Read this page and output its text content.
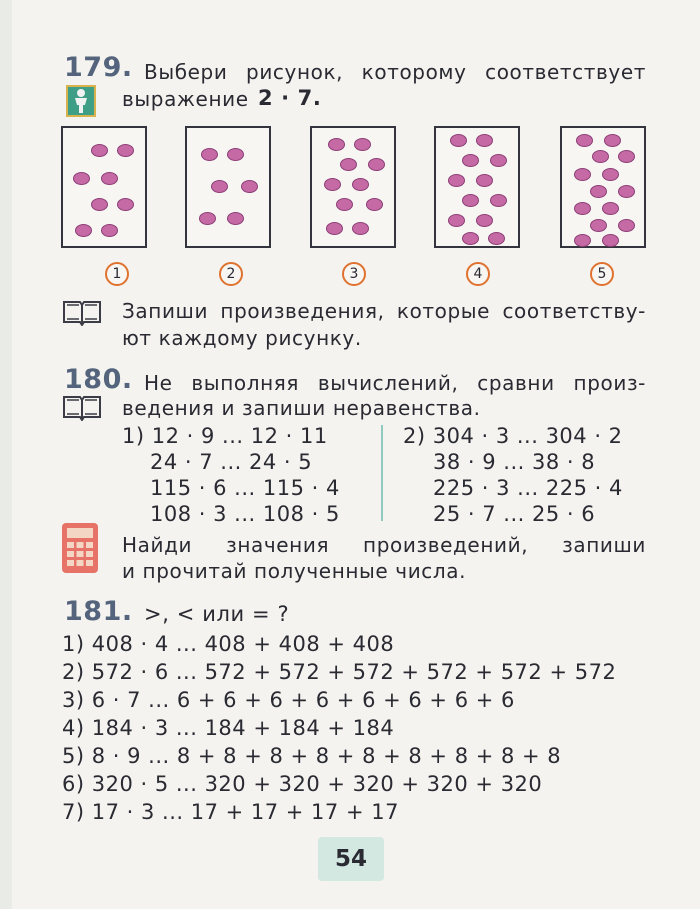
179. Выбери рисунок, которому соответствует
выражение 2 · 7.
1	2	3	4	5
Запиши произведения, которые соответству-
ют каждому рисунку.
180. Не выполняя вычислений, сравни произ-
ведения и запиши неравенства.
1) 12 · 9 ... 12 · 11
24 · 7 ... 24 · 5
115 · 6 ... 115 · 4
108 · 3 ... 108 · 5
2) 304 · 3 ... 304 · 2
38 · 9 ... 38 · 8
225 · 3 ... 225 · 4
25 · 7 ... 25 · 6
Найди значения произведений, запиши
и прочитай полученные числа.
181. >, < или = ?
1) 408 · 4 ... 408 + 408 + 408
2) 572 · 6 ... 572 + 572 + 572 + 572 + 572 + 572
3) 6 · 7 ... 6 + 6 + 6 + 6 + 6 + 6 + 6 + 6
4) 184 · 3 ... 184 + 184 + 184
5) 8 · 9 ... 8 + 8 + 8 + 8 + 8 + 8 + 8 + 8 + 8
6) 320 · 5 ... 320 + 320 + 320 + 320 + 320
7) 17 · 3 ... 17 + 17 + 17 + 17
54
